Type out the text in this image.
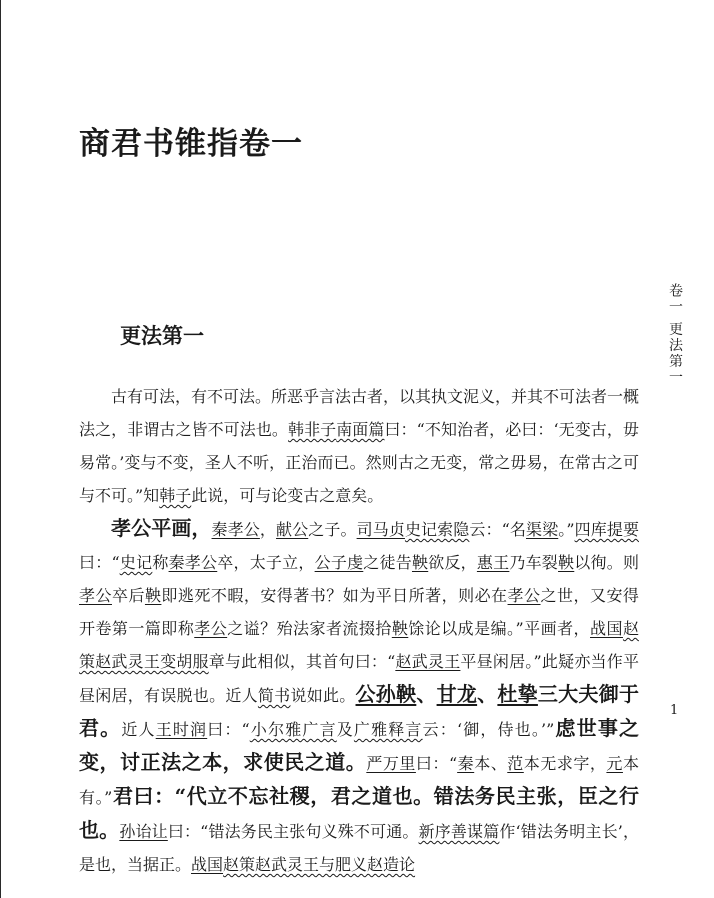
商君书锥指卷一
更法第一

古有可法，有不可法。所恶乎言法古者，以其执文泥义，并其不可法者一概法之，非谓古之皆不可法也。韩非子南面篇曰：“不知治者，必曰：‘无变古，毋易常。’变与不变，圣人不听，正治而已。然则古之无变，常之毋易，在常古之可与不可。”知韩子此说，可与论变古之意矣。

孝公平画，秦孝公，献公之子。司马贞史记索隐云：“名渠梁。”四库提要曰：“史记称秦孝公卒，太子立，公子虔之徒告鞅欲反，惠王乃车裂鞅以徇。则孝公卒后鞅即逃死不暇，安得著书？如为平日所著，则必在孝公之世，又安得开卷第一篇即称孝公之谥？殆法家者流掇拾鞅馀论以成是编。”平画者，战国赵策赵武灵王变胡服章与此相似，其首句曰：“赵武灵王平昼闲居。”此疑亦当作平昼闲居，有误脱也。近人简书说如此。公孙鞅、甘龙、杜挚三大夫御于君。近人王时润曰：“小尔雅广言及广雅释言云：‘御，侍也。’”虑世事之变，讨正法之本，求使民之道。严万里曰：“秦本、范本无求字，元本有。”君曰：“代立不忘社稷，君之道也。错法务民主张，臣之行也。孙诒让曰：“错法务民主张句义殊不可通。新序善谋篇作‘错法务明主长’，是也，当据正。战国赵策赵武灵王与肥义赵造论

卷一 更法第一
1
